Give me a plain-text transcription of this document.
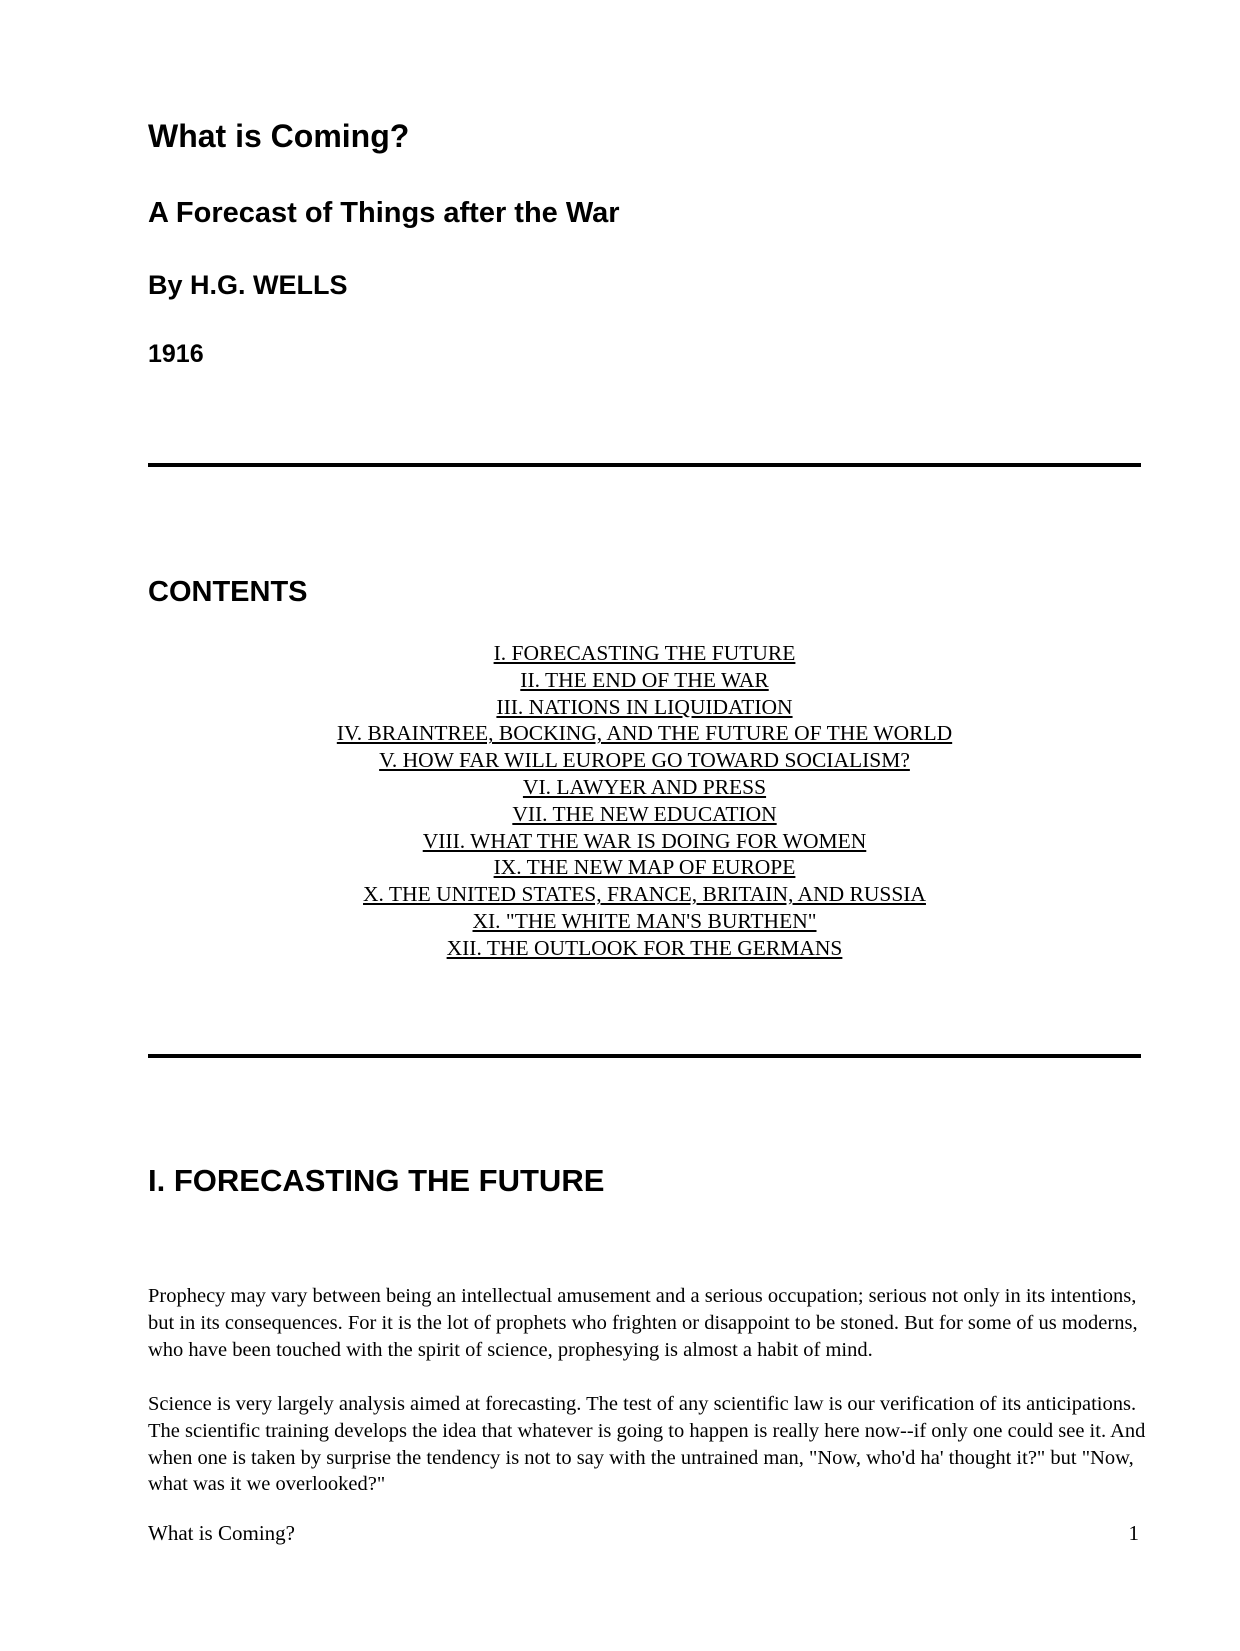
What is Coming?
A Forecast of Things after the War
By H.G. WELLS
1916
CONTENTS
I. FORECASTING THE FUTURE
II. THE END OF THE WAR
III. NATIONS IN LIQUIDATION
IV. BRAINTREE, BOCKING, AND THE FUTURE OF THE WORLD
V. HOW FAR WILL EUROPE GO TOWARD SOCIALISM?
VI. LAWYER AND PRESS
VII. THE NEW EDUCATION
VIII. WHAT THE WAR IS DOING FOR WOMEN
IX. THE NEW MAP OF EUROPE
X. THE UNITED STATES, FRANCE, BRITAIN, AND RUSSIA
XI. "THE WHITE MAN'S BURTHEN"
XII. THE OUTLOOK FOR THE GERMANS
I. FORECASTING THE FUTURE

Prophecy may vary between being an intellectual amusement and a serious occupation; serious not only in its intentions, but in its consequences. For it is the lot of prophets who frighten or disappoint to be stoned. But for some of us moderns, who have been touched with the spirit of science, prophesying is almost a habit of mind.

Science is very largely analysis aimed at forecasting. The test of any scientific law is our verification of its anticipations. The scientific training develops the idea that whatever is going to happen is really here now--if only one could see it. And when one is taken by surprise the tendency is not to say with the untrained man, "Now, who'd ha' thought it?" but "Now, what was it we overlooked?"

What is Coming?	1
